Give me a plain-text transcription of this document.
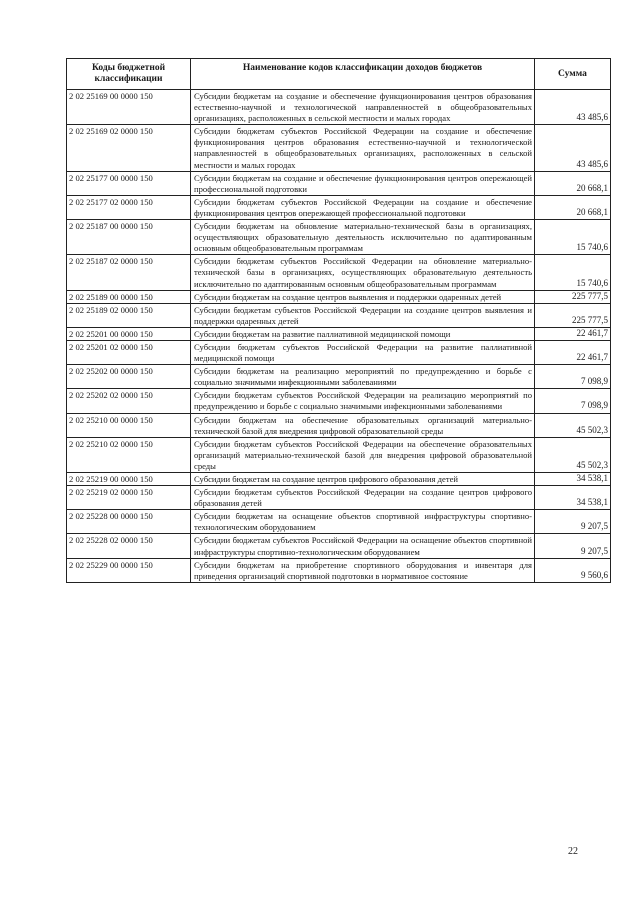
Коды бюджетной классификации	Наименование кодов классификации доходов бюджетов	Сумма
2 02 25169 00 0000 150	Субсидии бюджетам на создание и обеспечение функционирования центров образования естественно-научной и технологической направленностей в общеобразовательных организациях, расположенных в сельской местности и малых городах	43 485,6
2 02 25169 02 0000 150	Субсидии бюджетам субъектов Российской Федерации на создание и обеспечение функционирования центров образования естественно-научной и технологической направленностей в общеобразовательных организациях, расположенных в сельской местности и малых городах	43 485,6
2 02 25177 00 0000 150	Субсидии бюджетам на создание и обеспечение функционирования центров опережающей профессиональной подготовки	20 668,1
2 02 25177 02 0000 150	Субсидии бюджетам субъектов Российской Федерации на создание и обеспечение функционирования центров опережающей профессиональной подготовки	20 668,1
2 02 25187 00 0000 150	Субсидии бюджетам на обновление материально-технической базы в организациях, осуществляющих образовательную деятельность исключительно по адаптированным основным общеобразовательным программам	15 740,6
2 02 25187 02 0000 150	Субсидии бюджетам субъектов Российской Федерации на обновление материально-технической базы в организациях, осуществляющих образовательную деятельность исключительно по адаптированным основным общеобразовательным программам	15 740,6
2 02 25189 00 0000 150	Субсидии бюджетам на создание центров выявления и поддержки одаренных детей	225 777,5
2 02 25189 02 0000 150	Субсидии бюджетам субъектов Российской Федерации на создание центров выявления и поддержки одаренных детей	225 777,5
2 02 25201 00 0000 150	Субсидии бюджетам на развитие паллиативной медицинской помощи	22 461,7
2 02 25201 02 0000 150	Субсидии бюджетам субъектов Российской Федерации на развитие паллиативной медицинской помощи	22 461,7
2 02 25202 00 0000 150	Субсидии бюджетам на реализацию мероприятий по предупреждению и борьбе с социально значимыми инфекционными заболеваниями	7 098,9
2 02 25202 02 0000 150	Субсидии бюджетам субъектов Российской Федерации на реализацию мероприятий по предупреждению и борьбе с социально значимыми инфекционными заболеваниями	7 098,9
2 02 25210 00 0000 150	Субсидии бюджетам на обеспечение образовательных организаций материально-технической базой для внедрения цифровой образовательной среды	45 502,3
2 02 25210 02 0000 150	Субсидии бюджетам субъектов Российской Федерации на обеспечение образовательных организаций материально-технической базой для внедрения цифровой образовательной среды	45 502,3
2 02 25219 00 0000 150	Субсидии бюджетам на создание центров цифрового образования детей	34 538,1
2 02 25219 02 0000 150	Субсидии бюджетам субъектов Российской Федерации на создание центров цифрового образования детей	34 538,1
2 02 25228 00 0000 150	Субсидии бюджетам на оснащение объектов спортивной инфраструктуры спортивно-технологическим оборудованием	9 207,5
2 02 25228 02 0000 150	Субсидии бюджетам субъектов Российской Федерации на оснащение объектов спортивной инфраструктуры спортивно-технологическим оборудованием	9 207,5
2 02 25229 00 0000 150	Субсидии бюджетам на приобретение спортивного оборудования и инвентаря для приведения организаций спортивной подготовки в нормативное состояние	9 560,6
22
